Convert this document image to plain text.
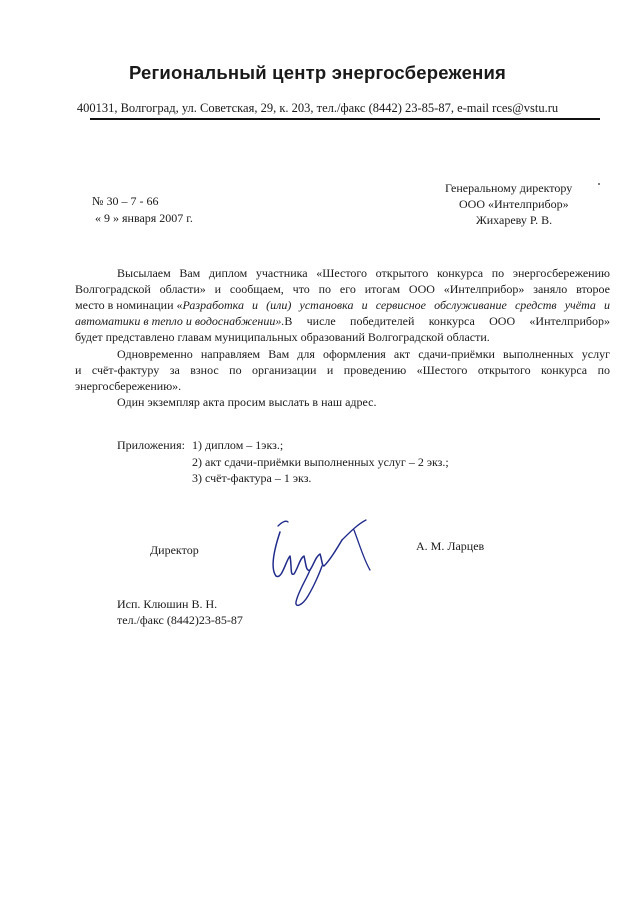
Региональный центр энергосбережения
400131, Волгоград, ул. Советская, 29, к. 203, тел./факс (8442) 23-85-87, e-mail rces@vstu.ru
№ 30 – 7 - 66
« 9 » января 2007 г.
Генеральному директору
ООО «Интелприбор»
Жихареву Р. В.
Высылаем Вам диплом участника «Шестого открытого конкурса по энергосбережению
Волгоградской области» и сообщаем, что по его итогам ООО «Интелприбор» заняло второе
место в номинации « Разработка и (или) установка и сервисное обслуживание средств учёта и
автоматики в тепло и водоснабжении». В числе победителей конкурса ООО «Интелприбор»
будет представлено главам муниципальных образований Волгоградской области.
Одновременно направляем Вам для оформления акт сдачи-приёмки выполненных услуг
и счёт-фактуру за взнос по организации и проведению «Шестого открытого конкурса по
энергосбережению».
Один экземпляр акта просим выслать в наш адрес.
Приложения: 1) диплом – 1экз.;
2) акт сдачи-приёмки выполненных услуг – 2 экз.;
3) счёт-фактура – 1 экз.
Директор	А. М. Ларцев
Исп. Клюшин В. Н.
тел./факс (8442)23-85-87
